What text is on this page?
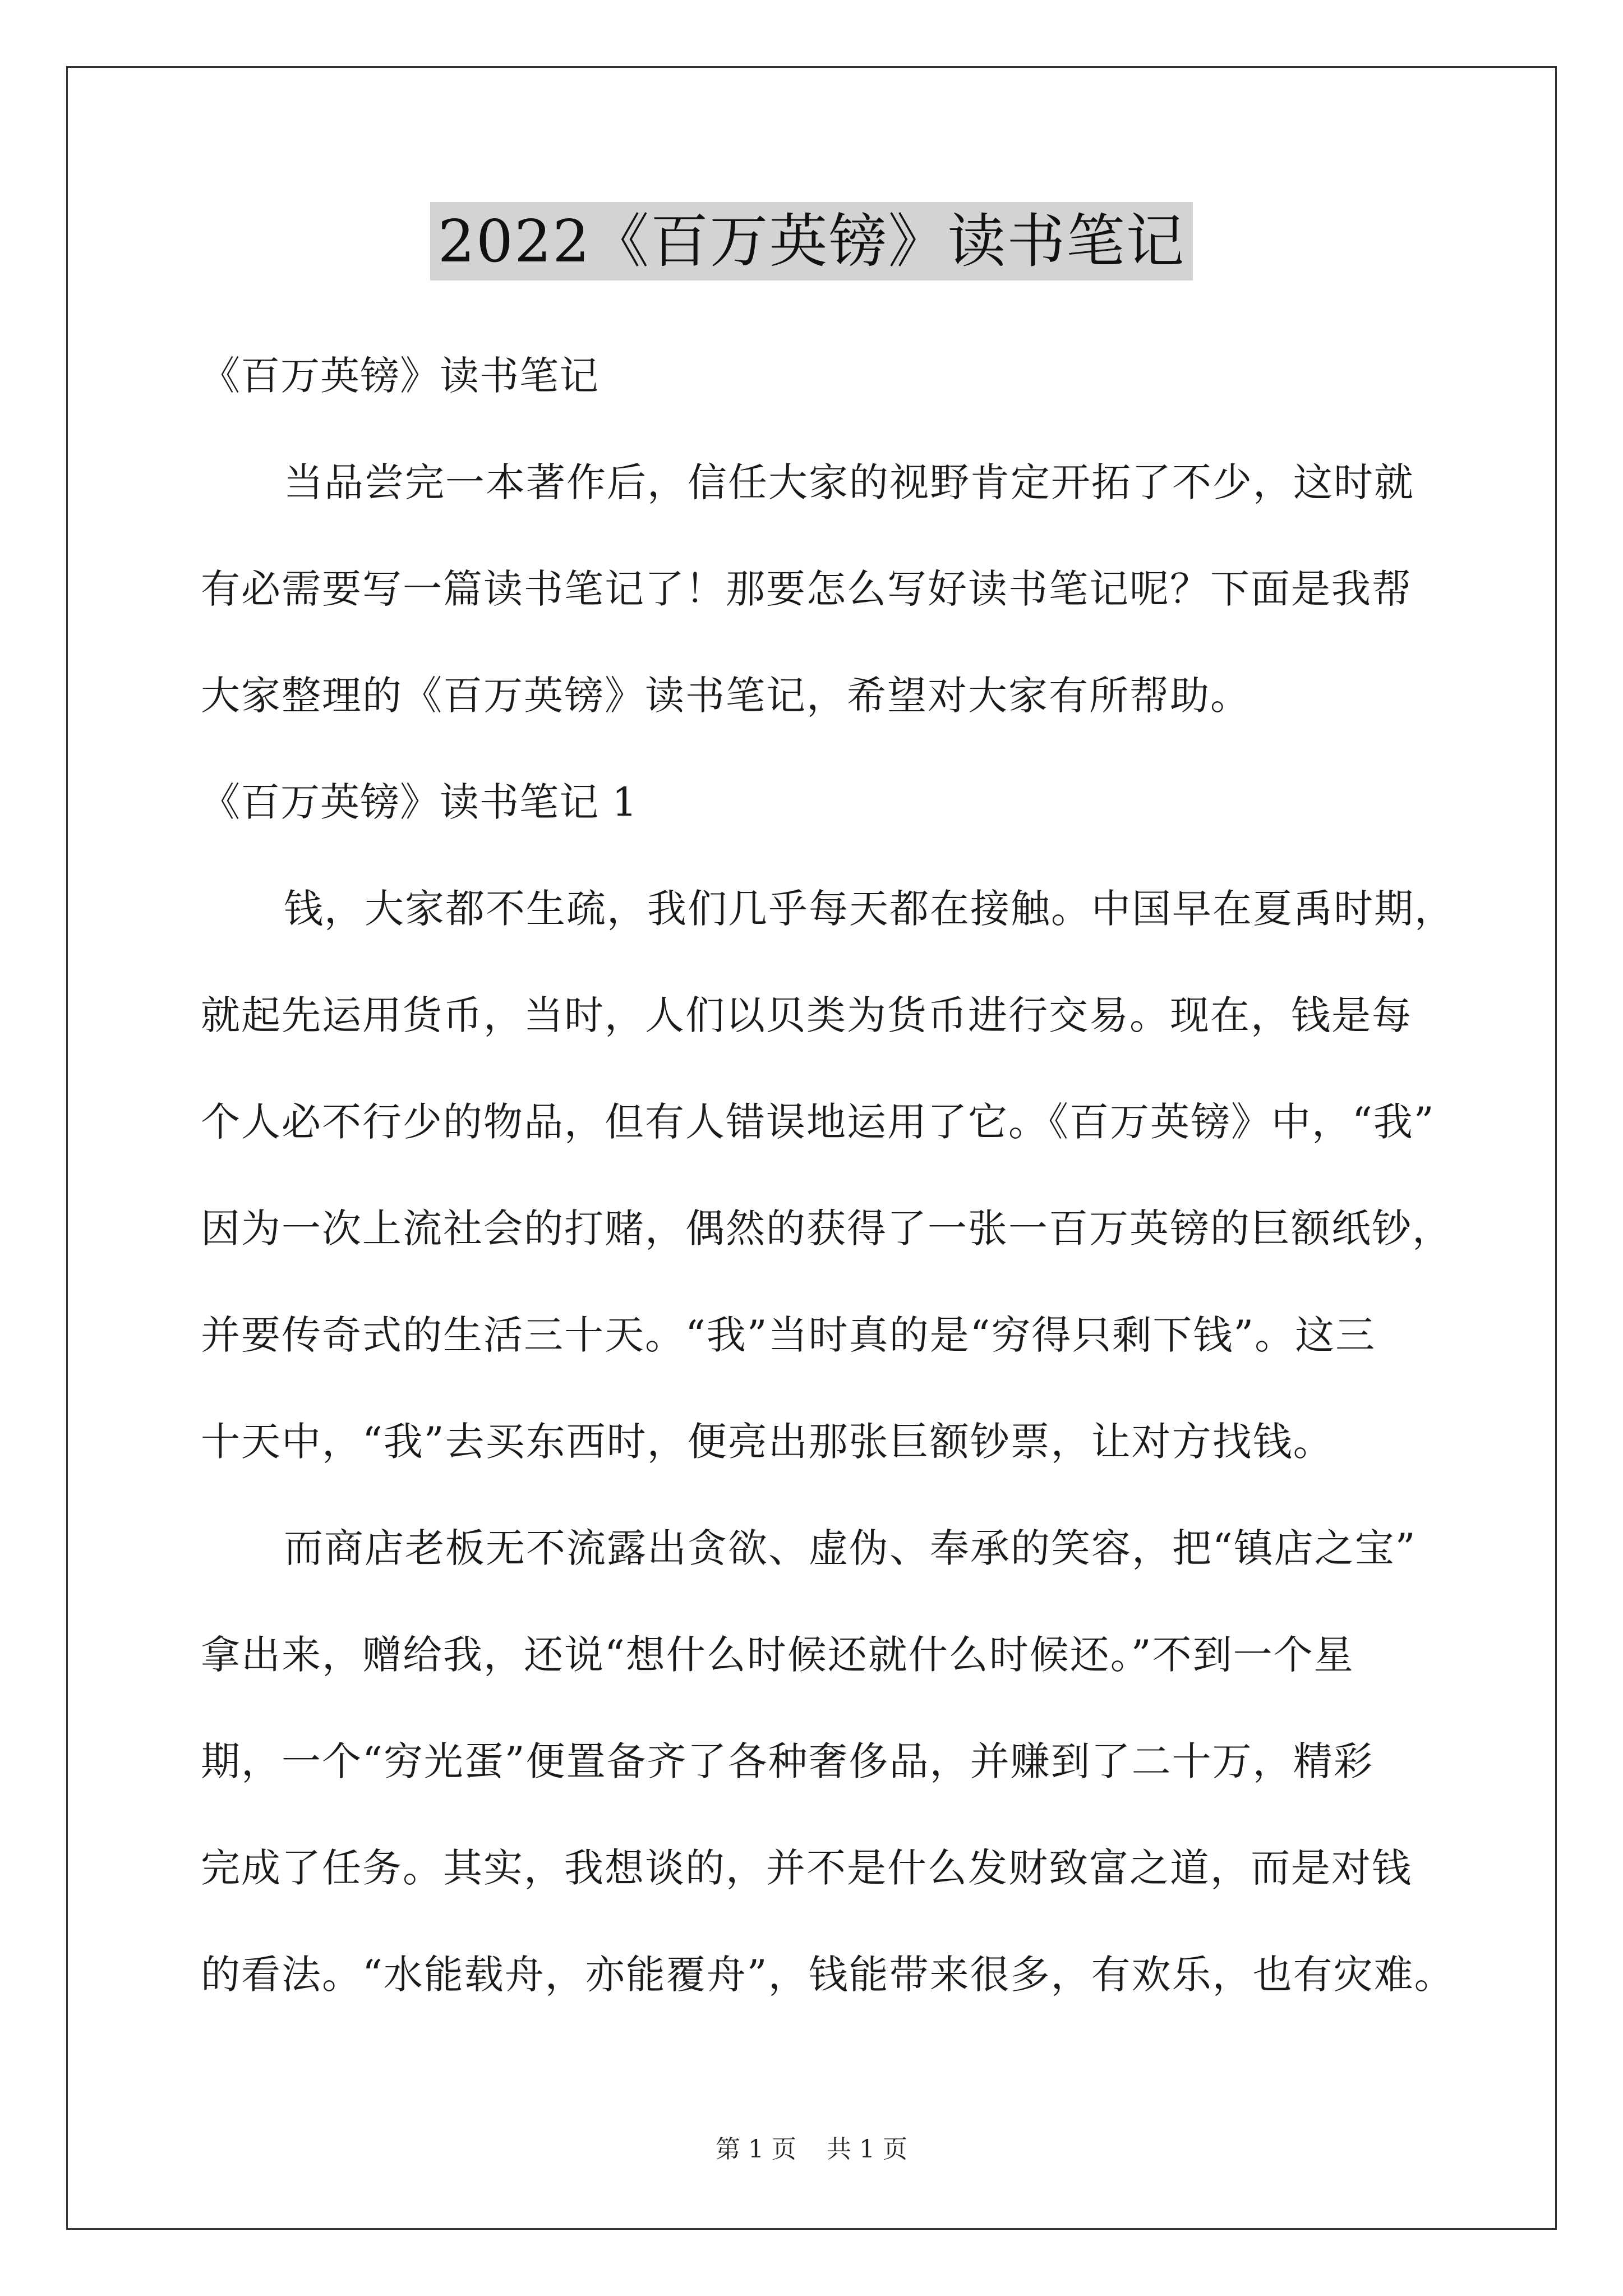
2022《百万英镑》读书笔记
《百万英镑》读书笔记
当品尝完一本著作后，信任大家的视野肯定开拓了不少，这时就
有必需要写一篇读书笔记了！那要怎么写好读书笔记呢？下面是我帮
大家整理的《百万英镑》读书笔记，希望对大家有所帮助。
《百万英镑》读书笔记 1
钱，大家都不生疏，我们几乎每天都在接触。中国早在夏禹时期，
就起先运用货币，当时，人们以贝类为货币进行交易。现在，钱是每
个人必不行少的物品，但有人错误地运用了它。《百万英镑》中，“我”
因为一次上流社会的打赌，偶然的获得了一张一百万英镑的巨额纸钞，
并要传奇式的生活三十天。“我”当时真的是“穷得只剩下钱”。这三
十天中，“我”去买东西时，便亮出那张巨额钞票，让对方找钱。
而商店老板无不流露出贪欲、虚伪、奉承的笑容，把“镇店之宝”
拿出来，赠给我，还说“想什么时候还就什么时候还。”不到一个星
期，一个“穷光蛋”便置备齐了各种奢侈品，并赚到了二十万，精彩
完成了任务。其实，我想谈的，并不是什么发财致富之道，而是对钱
的看法。“水能载舟，亦能覆舟”，钱能带来很多，有欢乐，也有灾难。
第 1 页 共 1 页
